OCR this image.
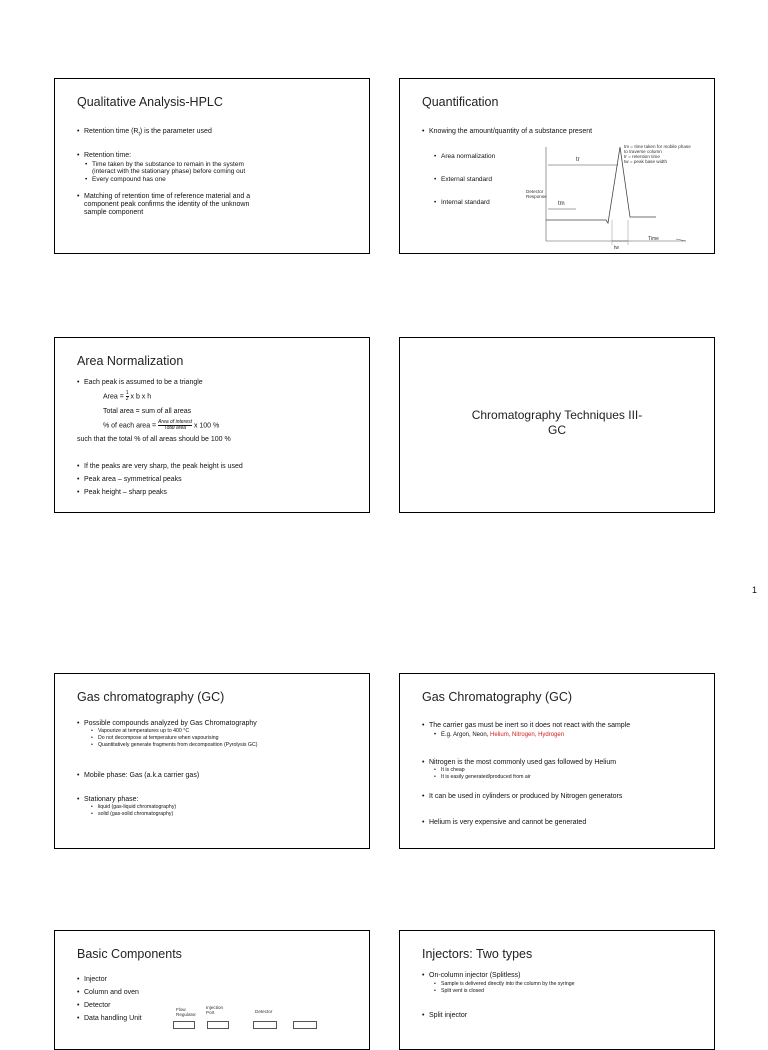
Qualitative Analysis-HPLC
• Retention time $(R_t)$ is the parameter used
• Retention time:
• Time taken by the substance to remain in the system
(interact with the stationary phase) before coming out
• Every compound has one
• Matching of retention time of reference material and a
component peak confirms the identity of the unknown
sample component
Quantification
• Knowing the amount/quantity of a substance present
• Area normalization
• External standard
• Internal standard
Detector
Response
tr
tm
tw
Time
tm = time taken for mobile phase
to traverse column
tr = retention time
tw = peak base width
Area Normalization
• Each peak is assumed to be a triangle
Area = $\frac{1}{2}$ x b x h
Total area = sum of all areas
% of each area = $\frac{\text{Area of interest}}{\text{Total area}}$ x 100 %
such that the total % of all areas should be 100 %
• If the peaks are very sharp, the peak height is used
• Peak area – symmetrical peaks
• Peak height – sharp peaks
Chromatography Techniques III-
GC
1
Gas chromatography (GC)
• Possible compounds analyzed by Gas Chromatography
• Vapourize at temperatures up to 400 °C
• Do not decompose at temperature when vapourising
• Quantitatively generate fragments from decomposition (Pyrolysis GC)
• Mobile phase: Gas (a.k.a carrier gas)
• Stationary phase:
• liquid (gas-liquid chromatography)
• solid (gas-solid chromatography)
Gas Chromatography (GC)
• The carrier gas must be inert so it does not react with the sample
• E.g. Argon, Neon, Helium, Nitrogen, Hydrogen
• Nitrogen is the most commonly used gas followed by Helium
• It is cheap
• It is easily generated/produced from air
• It can be used in cylinders or produced by Nitrogen generators
• Helium is very expensive and cannot be generated
Basic Components
• Injector
• Column and oven
• Detector
• Data handling Unit
Flow
Regulator
Injection
Port	Detector
Injectors: Two types
• On-column injector (Splitless)
• Sample is delivered directly into the column by the syringe
• Split vent is closed
• Split injector
